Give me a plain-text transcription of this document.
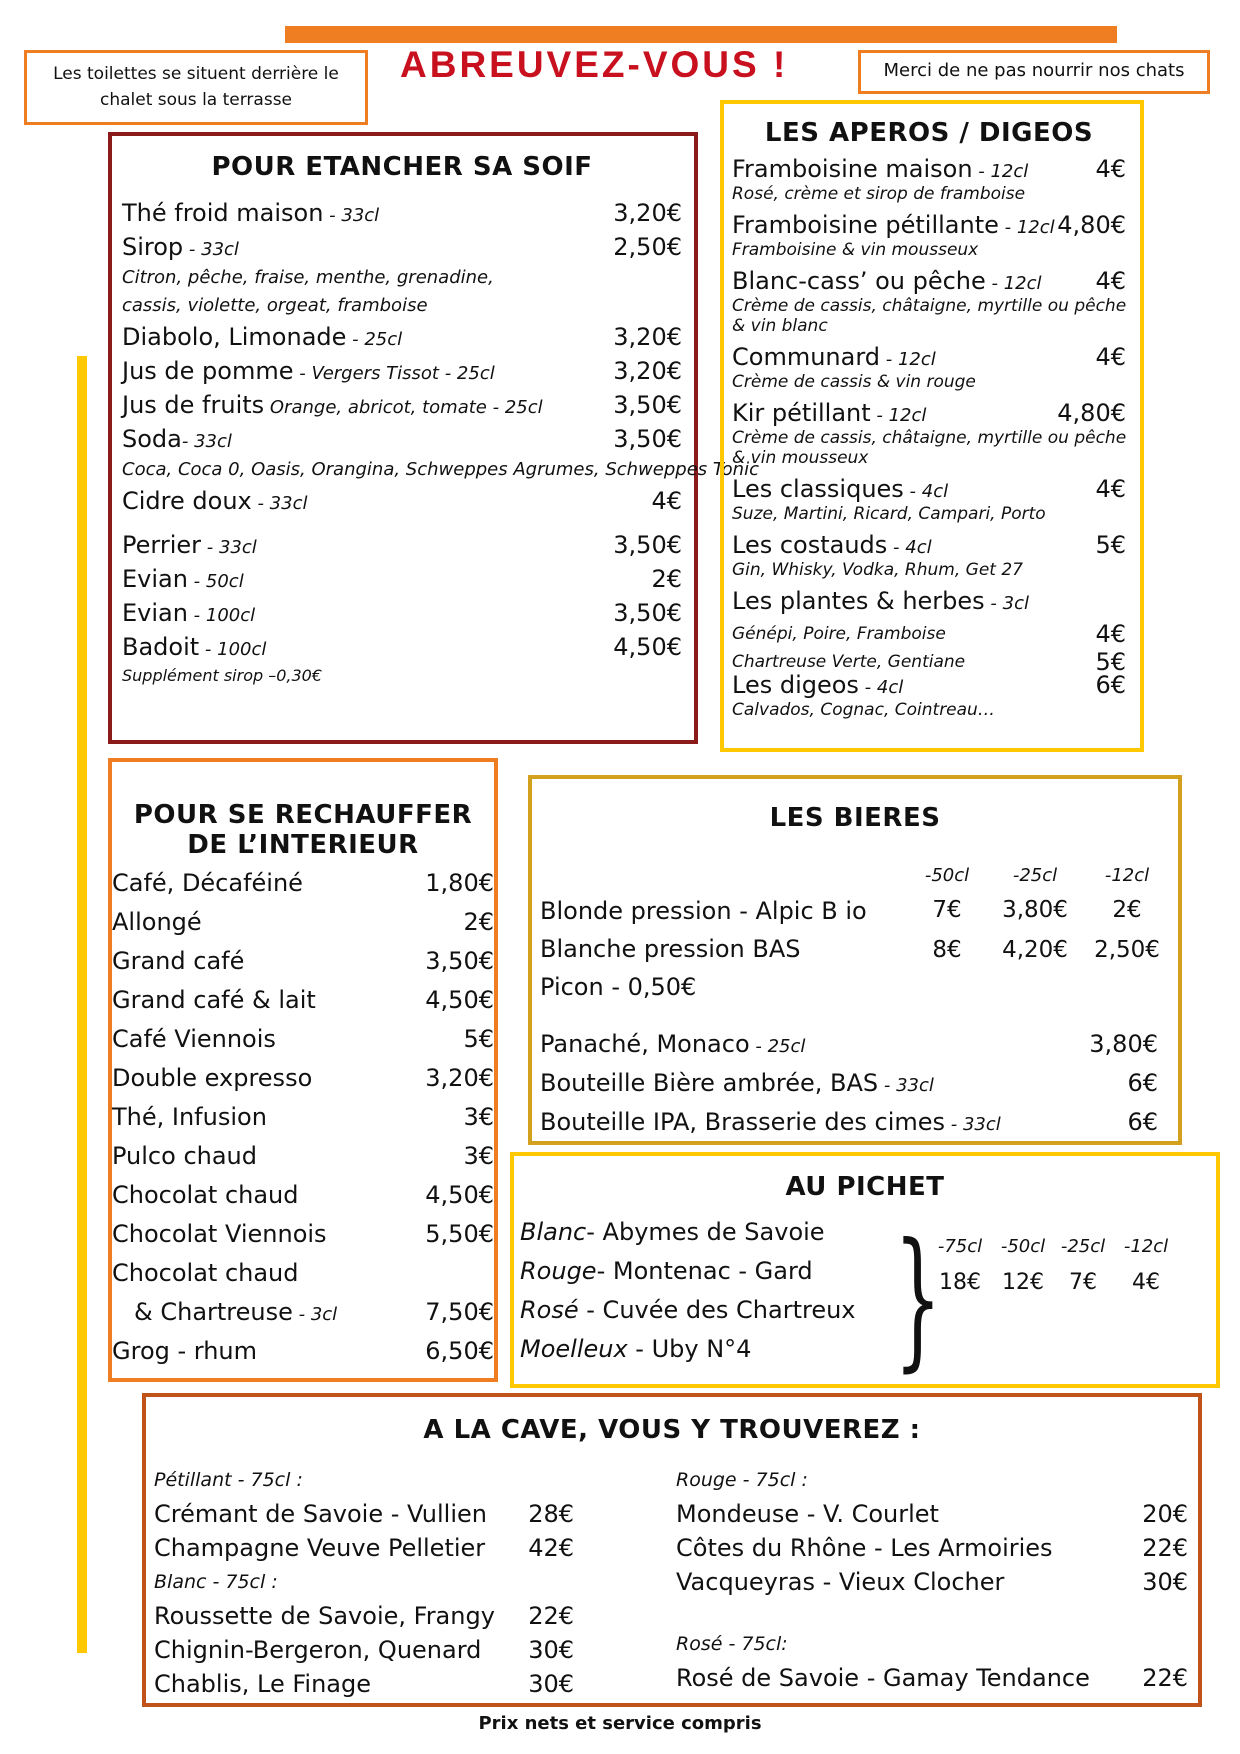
Les toilettes se situent derrière le chalet sous la terrasse
ABREUVEZ-VOUS !	Merci de ne pas nourrir nos chats
POUR ETANCHER SA SOIF
Thé froid maison - 33cl	3,20€
Sirop - 33cl	2,50€
Citron, pêche, fraise, menthe, grenadine,
cassis, violette, orgeat, framboise
Diabolo, Limonade - 25cl	3,20€
Jus de pomme - Vergers Tissot - 25cl	3,20€
Jus de fruits Orange, abricot, tomate - 25cl	3,50€
Soda- 33cl	3,50€
Coca, Coca 0, Oasis, Orangina, Schweppes Agrumes, Schweppes Tonic
Cidre doux - 33cl	4€
Perrier - 33cl	3,50€
Evian - 50cl	2€
Evian - 100cl	3,50€
Badoit - 100cl	4,50€
Supplément sirop –0,30€
LES APEROS / DIGEOS
Framboisine maison - 12cl	4€
Rosé, crème et sirop de framboise
Framboisine pétillante - 12cl 4,80€
Framboisine & vin mousseux
Blanc-cass’ ou pêche - 12cl 4€
Crème de cassis, châtaigne, myrtille ou pêche
& vin blanc
Communard - 12cl	4€
Crème de cassis & vin rouge
Kir pétillant - 12cl	4,80€
Crème de cassis, châtaigne, myrtille ou pêche
& vin mousseux
Les classiques - 4cl	4€
Suze, Martini, Ricard, Campari, Porto
Les costauds - 4cl	5€
Gin, Whisky, Vodka, Rhum, Get 27
Les plantes & herbes - 3cl
Génépi, Poire, Framboise	4€
Chartreuse Verte, Gentiane	5€
Les digeos - 4cl	6€
Calvados, Cognac, Cointreau…
POUR SE RECHAUFFER
DE L’INTERIEUR
Café, Décaféiné	1,80€
Allongé	2€
Grand café	3,50€
Grand café & lait	4,50€
Café Viennois	5€
Double expresso	3,20€
Thé, Infusion	3€
Pulco chaud	3€
Chocolat chaud	4,50€
Chocolat Viennois	5,50€
Chocolat chaud
& Chartreuse - 3cl	7,50€
Grog - rhum	6,50€
LES BIERES
-50cl	-25cl	-12cl
Blonde pression - Alpic B io	7€	3,80€	2€
Blanche pression BAS	8€	4,20€	2,50€
Picon - 0,50€
Panaché, Monaco - 25cl	3,80€
Bouteille Bière ambrée, BAS - 33cl	6€
Bouteille IPA, Brasserie des cimes - 33cl	6€
AU PICHET
Blanc- Abymes de Savoie
Rouge- Montenac - Gard
Rosé - Cuvée des Chartreux
Moelleux - Uby N°4 }
-75cl
18€
-50cl
12€
-25cl
7€
-12cl
4€
A LA CAVE, VOUS Y TROUVEREZ :
Pétillant - 75cl :
Crémant de Savoie - Vullien 28€
Champagne Veuve Pelletier 42€
Blanc - 75cl :
Roussette de Savoie, Frangy 22€
Chignin-Bergeron, Quenard 30€
Chablis, Le Finage	30€
Rouge - 75cl :
Mondeuse - V. Courlet	20€
Côtes du Rhône - Les Armoiries	22€
Vacqueyras - Vieux Clocher	30€
Rosé - 75cl:
Rosé de Savoie - Gamay Tendance 22€
Prix nets et service compris
